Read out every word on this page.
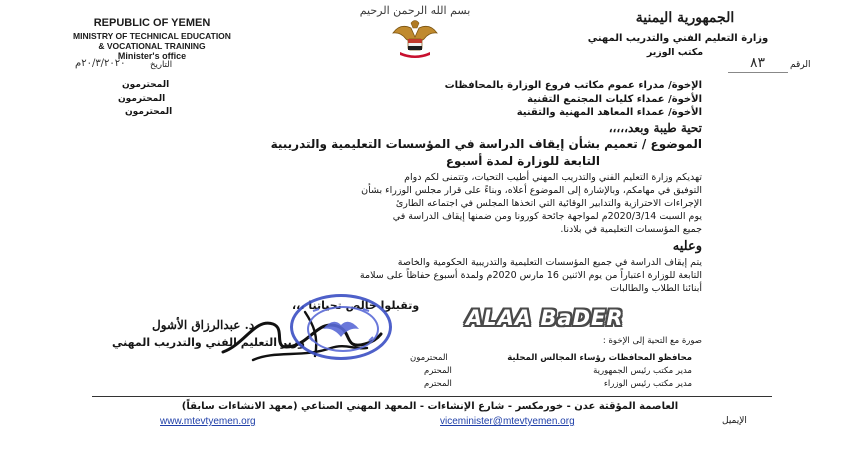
REPUBLIC OF YEMEN
MINISTRY OF TECHNICAL EDUCATION
& VOCATIONAL TRAINING
Minister's office
بسم الله الرحمن الرحيم	الجمهورية اليمنية
وزارة التعليم الفني والتدريب المهني
مكتب الوزير
الرقم
٨٣
التاريخ
٢٠/٣/٢٠٢٠م
الإخوة/ مدراء عموم مكاتب فروع الوزارة بالمحافظات
المحترمون
الأخوة/ عمداء كليات المجتمع التقنية
المحترمون
الأخوة/ عمداء المعاهد المهنية والتقنية
المحترمون
تحية طيبة وبعد،،،،،
الموضوع / تعميم بشأن إيقاف الدراسة في المؤسسات التعليمية والتدريبية
التابعة للوزارة لمدة أسبوع
تهديكم وزارة التعليم الفني والتدريب المهني أطيب التحيات، وتتمنى لكم دوام
التوفيق في مهامكم، وبالإشارة إلى الموضوع أعلاه، وبناءً على قرار مجلس الوزراء بشأن
الإجراءات الاحترازية والتدابير الوقائية التي اتخذها المجلس في اجتماعه الطارئ
يوم السبت 2020/3/14م لمواجهة جائحة كورونا ومن ضمنها إيقاف الدراسة في
جميع المؤسسات التعليمية في بلادنا.
وعليه
يتم إيقاف الدراسة في جميع المؤسسات التعليمية والتدريبية الحكومية والخاصة
التابعة للوزارة اعتباراً من يوم الاثنين 16 مارس 2020م ولمدة أسبوع حفاظاً على سلامة
أبنائنا الطلاب والطالبات
وتقبلوا خالص تحياتنا ،،،
د. عبدالرزاق الأشول
وزير التعليم الفني والتدريب المهني
ALAA BaDER
صورة مع التحية إلى الإخوة :
محافظو المحافظات رؤساء المجالس المحلية
المحترمون
مدير مكتب رئيس الجمهورية
المحترم
مدير مكتب رئيس الوزراء
المحترم
العاصمة المؤقتة عدن - خورمكسر - شارع الإنشاءات - المعهد المهني الصناعي (معهد الانشاءات سابقاً)
www.mtevtyemen.org	viceminister@mtevtyemen.org	الإيميل
